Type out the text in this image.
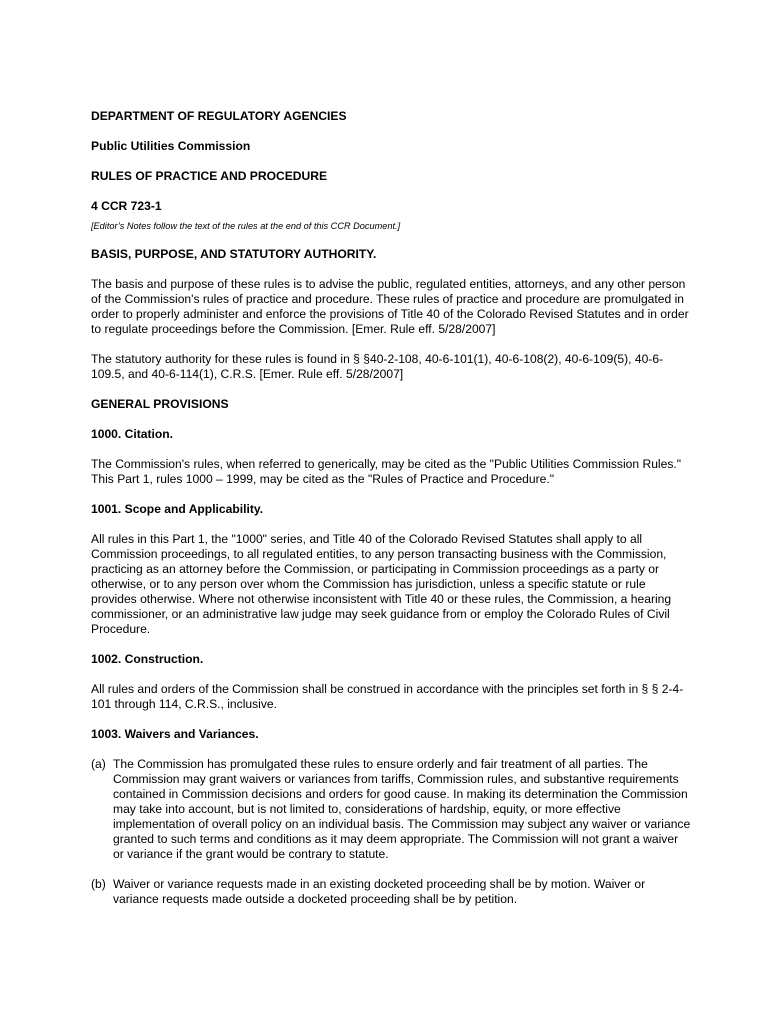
DEPARTMENT OF REGULATORY AGENCIES

Public Utilities Commission

RULES OF PRACTICE AND PROCEDURE

4 CCR 723-1

[Editor’s Notes follow the text of the rules at the end of this CCR Document.]

BASIS, PURPOSE, AND STATUTORY AUTHORITY.

The basis and purpose of these rules is to advise the public, regulated entities, attorneys, and any other person of the Commission's rules of practice and procedure. These rules of practice and procedure are promulgated in order to properly administer and enforce the provisions of Title 40 of the Colorado Revised Statutes and in order to regulate proceedings before the Commission. [Emer. Rule eff. 5/28/2007]

The statutory authority for these rules is found in § §40-2-108, 40-6-101(1), 40-6-108(2), 40-6-109(5), 40-6-109.5, and 40-6-114(1), C.R.S. [Emer. Rule eff. 5/28/2007]

GENERAL PROVISIONS

1000. Citation.

The Commission's rules, when referred to generically, may be cited as the "Public Utilities Commission Rules." This Part 1, rules 1000 – 1999, may be cited as the "Rules of Practice and Procedure."

1001. Scope and Applicability.

All rules in this Part 1, the "1000" series, and Title 40 of the Colorado Revised Statutes shall apply to all Commission proceedings, to all regulated entities, to any person transacting business with the Commission, practicing as an attorney before the Commission, or participating in Commission proceedings as a party or otherwise, or to any person over whom the Commission has jurisdiction, unless a specific statute or rule provides otherwise. Where not otherwise inconsistent with Title 40 or these rules, the Commission, a hearing commissioner, or an administrative law judge may seek guidance from or employ the Colorado Rules of Civil Procedure.

1002. Construction.

All rules and orders of the Commission shall be construed in accordance with the principles set forth in § § 2-4-101 through 114, C.R.S., inclusive.

1003. Waivers and Variances.

(a) The Commission has promulgated these rules to ensure orderly and fair treatment of all parties. The Commission may grant waivers or variances from tariffs, Commission rules, and substantive requirements contained in Commission decisions and orders for good cause. In making its determination the Commission may take into account, but is not limited to, considerations of hardship, equity, or more effective implementation of overall policy on an individual basis. The Commission may subject any waiver or variance granted to such terms and conditions as it may deem appropriate. The Commission will not grant a waiver or variance if the grant would be contrary to statute.
(b) Waiver or variance requests made in an existing docketed proceeding shall be by motion. Waiver or variance requests made outside a docketed proceeding shall be by petition.
